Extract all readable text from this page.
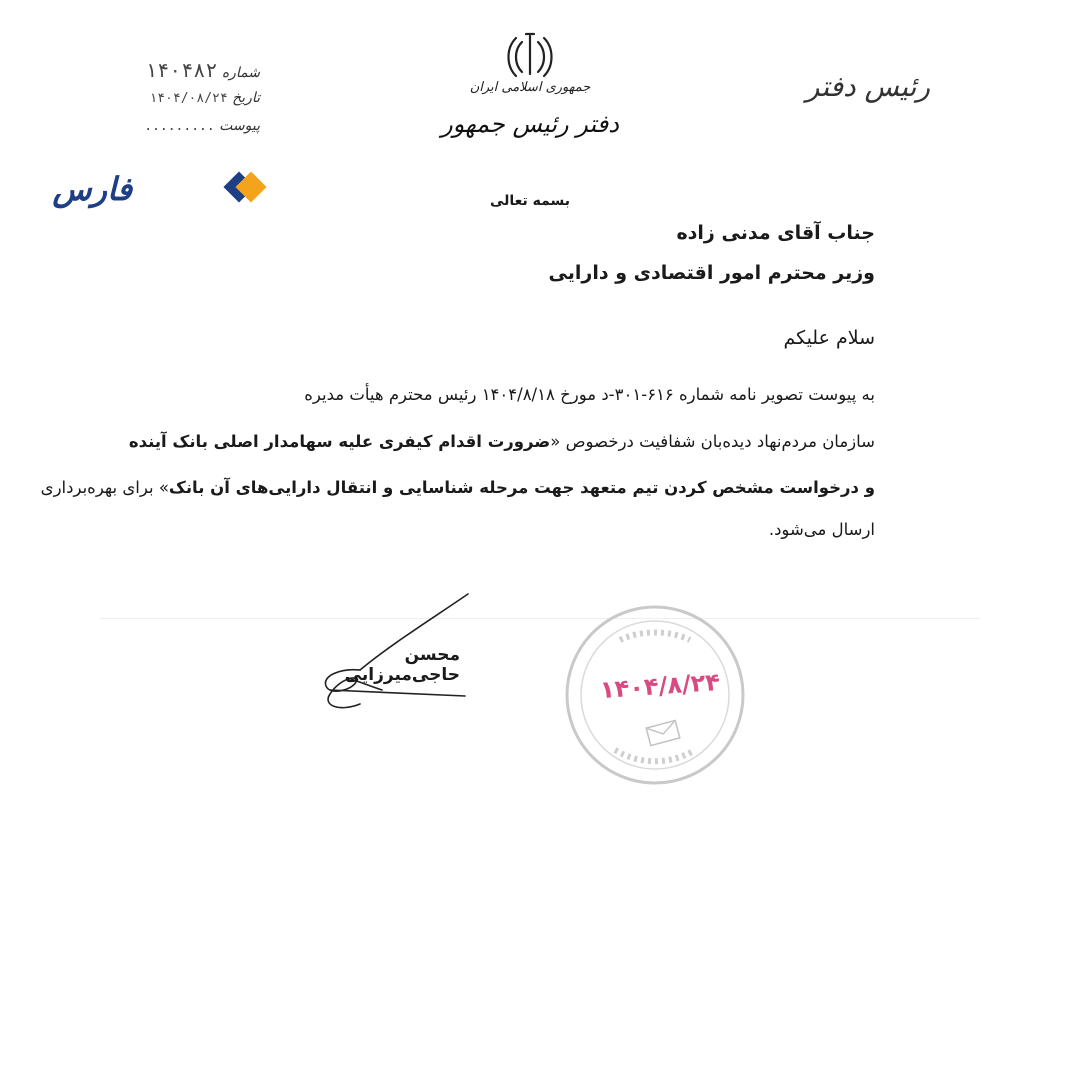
رئیس دفتر
جمهوری اسلامی ایران
دفتر رئیس جمهور
شماره ۱۴۰۴۸۲
تاریخ ۱۴۰۴/۰۸/۲۴
پیوست .........
فارس	بسمه تعالی
جناب آقای مدنی زاده
وزیر محترم امور اقتصادی و دارایی
سلام علیکم
به پیوست تصویر نامه شماره ۶۱۶-۳۰۱-د مورخ ۱۴۰۴/۸/۱۸ رئیس محترم هیأت مدیره
سازمان مردم‌نهاد دیده‌بان شفافیت درخصوص «ضرورت اقدام کیفری علیه سهامدار اصلی بانک آینده
و درخواست مشخص کردن تیم متعهد جهت مرحله شناسایی و انتقال دارایی‌های آن بانک» برای بهره‌برداری
ارسال می‌شود.
محسن حاجی‌میرزایی	۱۴۰۴/۸/۲۴
